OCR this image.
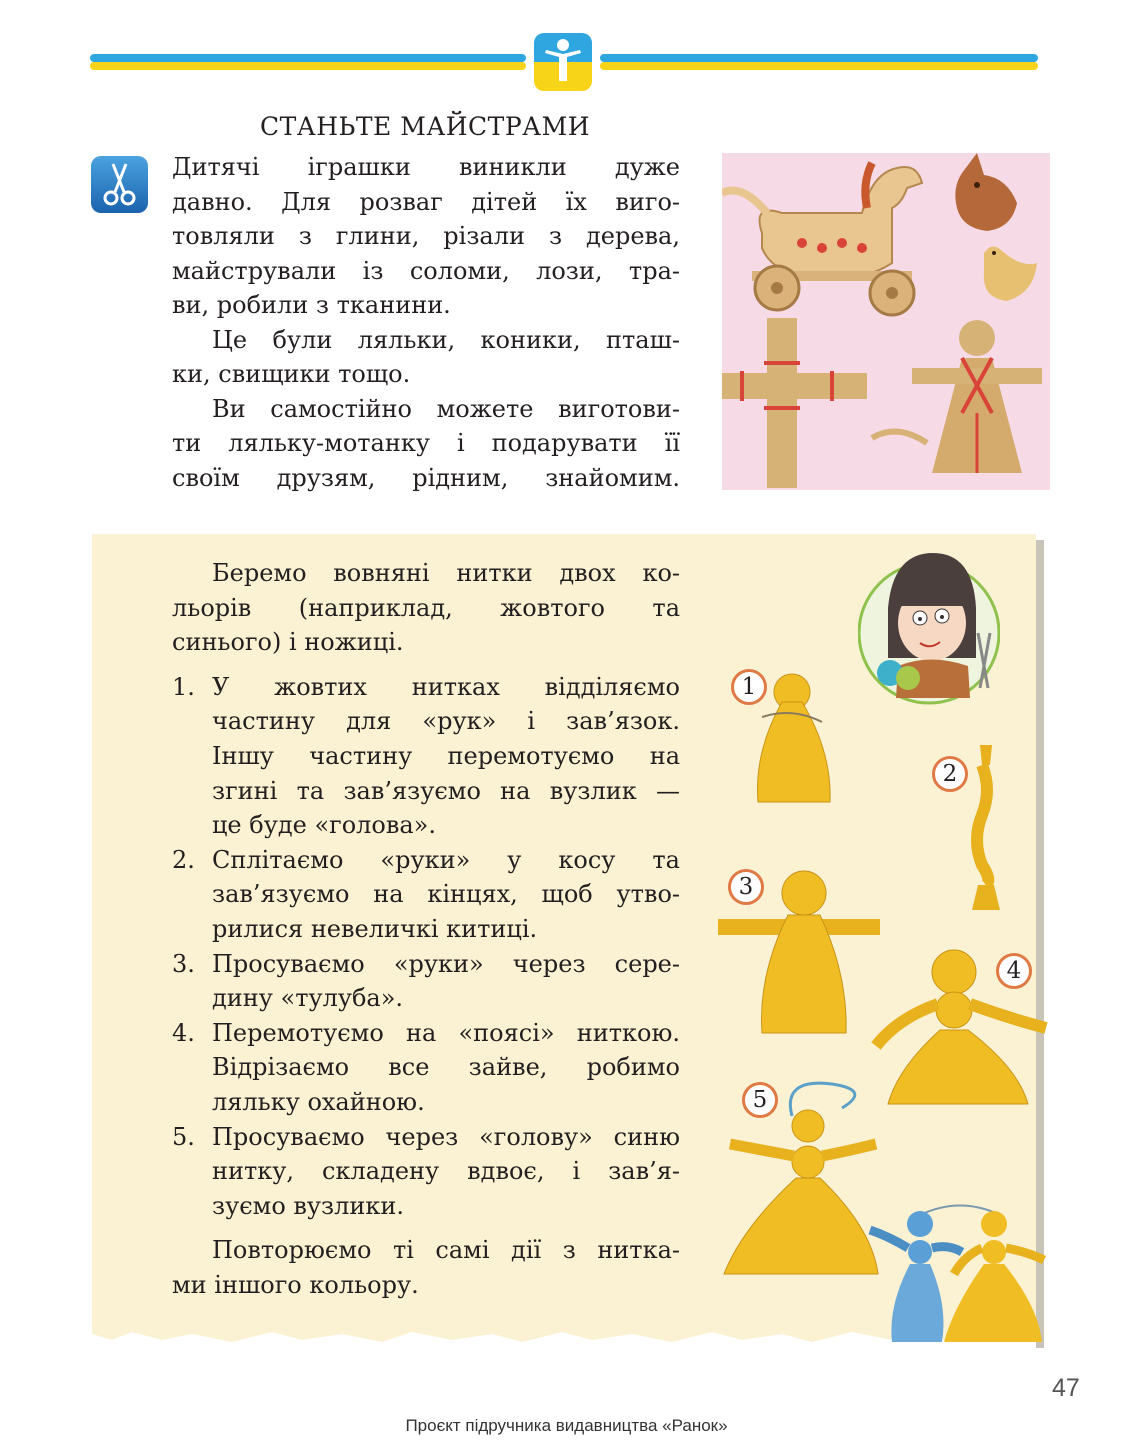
СТАНЬТЕ МАЙСТРАМИ

Дитячі іграшки виникли дуже

давно. Для розваг дітей їх виго-

товляли з глини, різали з дерева,

майстрували із соломи, лози, тра-

ви, робили з тканини.

Це були ляльки, коники, пташ-

ки, свищики тощо.

Ви самостійно можете виготови-

ти ляльку-мотанку і подарувати її

своїм друзям, рідним, знайомим.

Беремо вовняні нитки двох ко-
льорів (наприклад, жовтого та
синього) і ножиці.
1. У жовтих нитках відділяємо
частину для «рук» і зав’язок.
Іншу частину перемотуємо на
згині та зав’язуємо на вузлик —
це буде «голова».
2. Сплітаємо «руки» у косу та
зав’язуємо на кінцях, щоб утво-
рилися невеличкі китиці.
3. Просуваємо «руки» через сере-
дину «тулуба».
4. Перемотуємо на «поясі» ниткою.
Відрізаємо все зайве, робимо
ляльку охайною.
5. Просуваємо через «голову» синю
нитку, складену вдвоє, і зав’я-
зуємо вузлики.
Повторюємо ті самі дії з нитка-
ми іншого кольору.
1
2
3
4
5
47
Проєкт підручника видавництва «Ранок»
